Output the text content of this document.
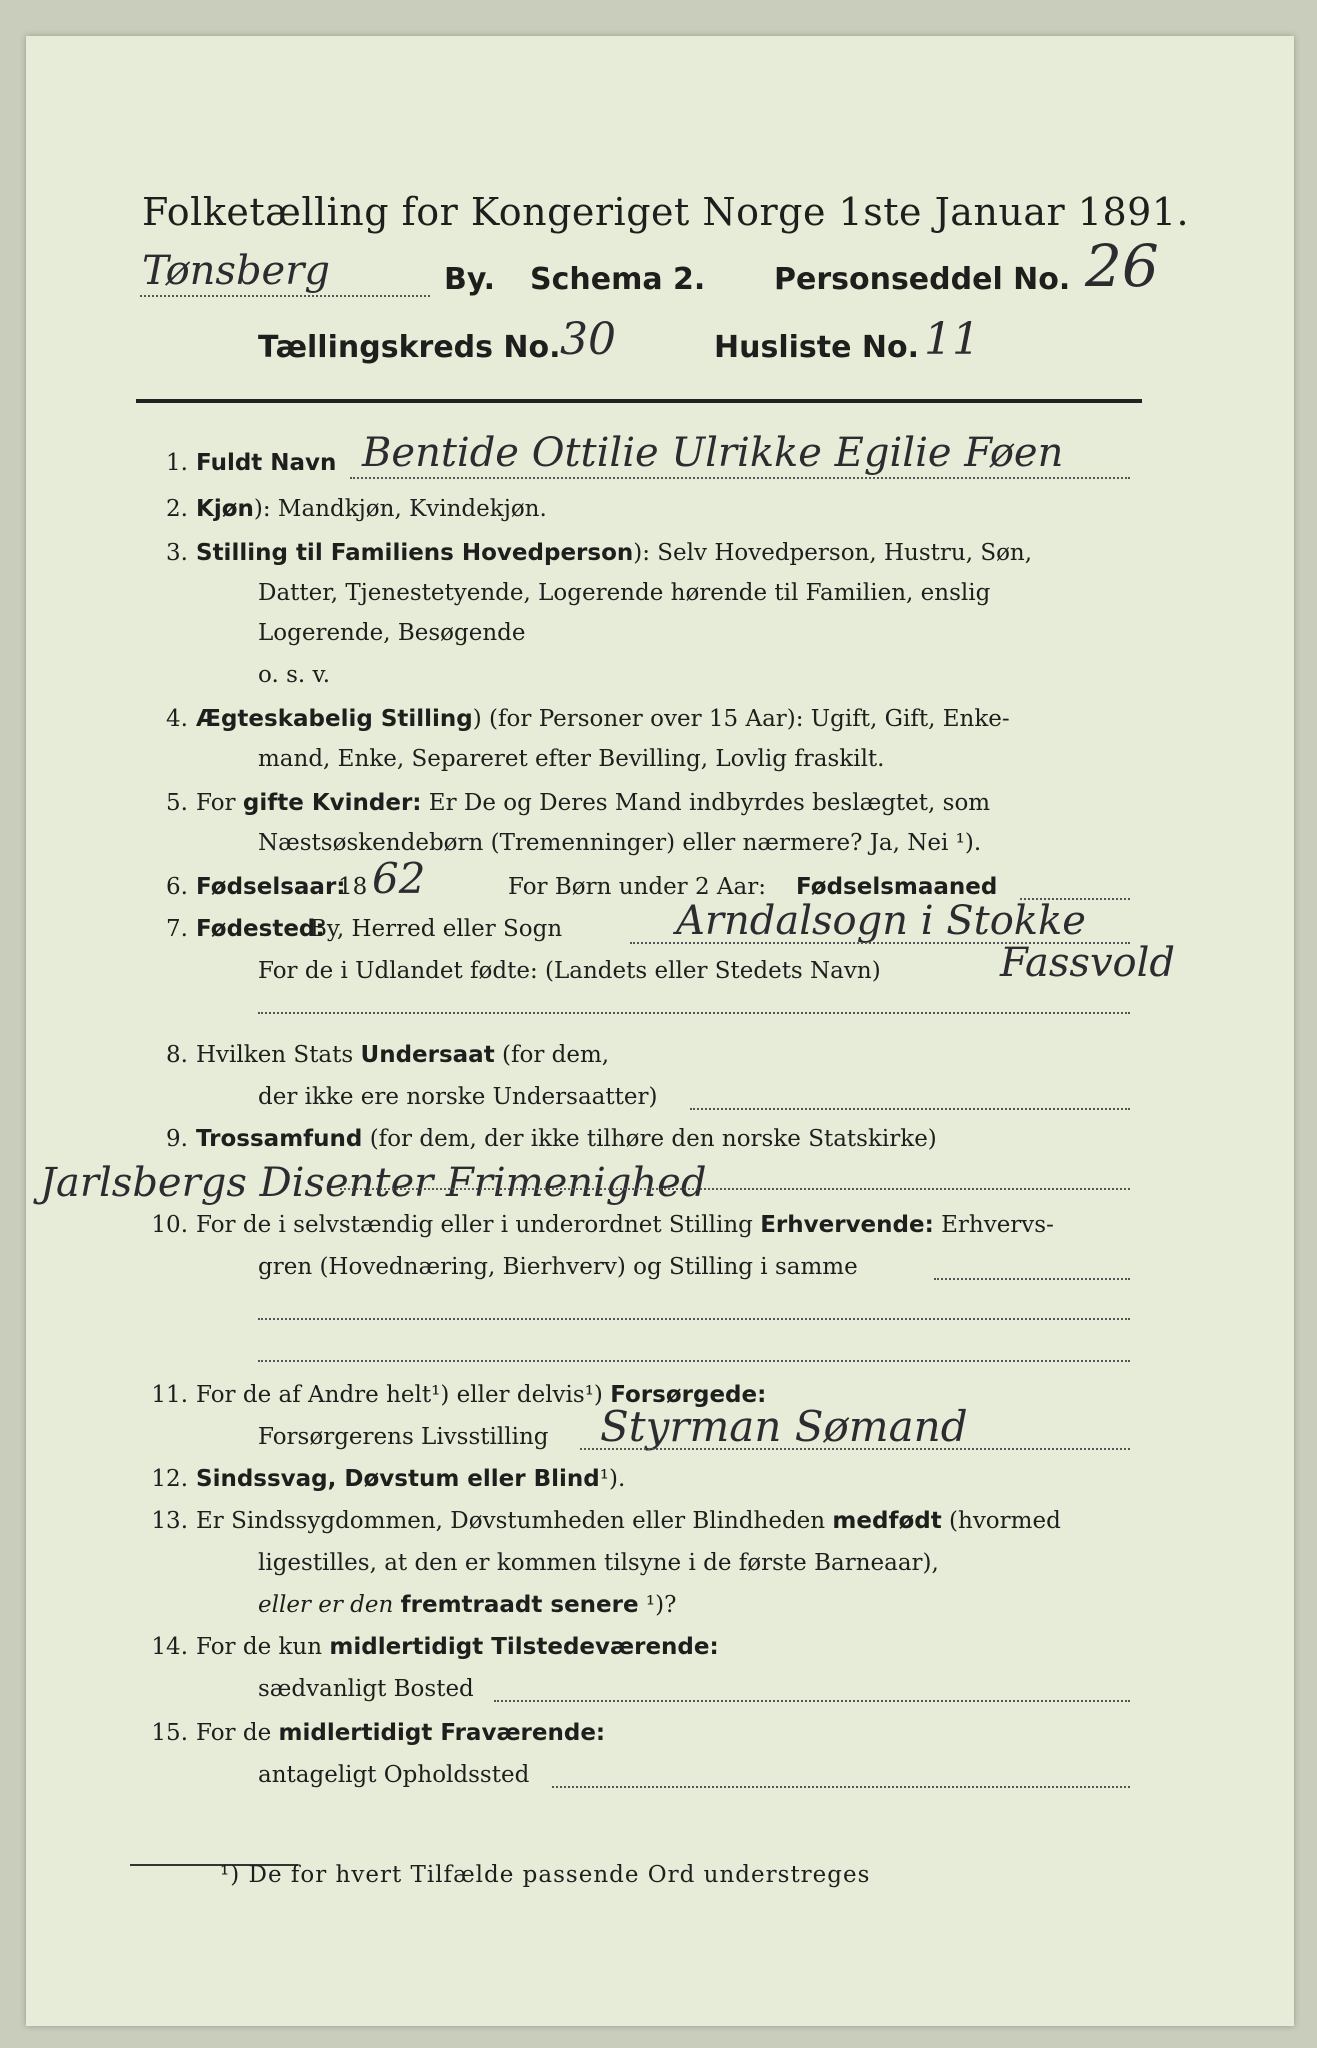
Folketælling for Kongeriget Norge 1ste Januar 1891.
Tønsberg	By. Schema 2. Personseddel No. 26
Tællingskreds No. 30	Husliste No. 11
1. Fuldt Navn Bentide Ottilie Ulrikke Egilie Føen
2. Kjøn): Mandkjøn, Kvindekjøn.
3. Stilling til Familiens Hovedperson): Selv Hovedperson, Hustru, Søn,
Datter, Tjenestetyende, Logerende hørende til Familien, enslig
Logerende, Besøgende
o. s. v.
4. Ægteskabelig Stilling) (for Personer over 15 Aar): Ugift, Gift, Enke-
mand, Enke, Separeret efter Bevilling, Lovlig fraskilt.
5. For gifte Kvinder: Er De og Deres Mand indbyrdes beslægtet, som
Næstsøskendebørn (Tremenninger) eller nærmere? Ja, Nei ¹).
6. Fødselsaar:
18 62	For Børn under 2 Aar: Fødselsmaaned
7. Fødested:
By, Herred eller Sogn	Arndalsogn i Stokke
For de i Udlandet fødte: (Landets eller Stedets Navn)	Fassvold
8. Hvilken Stats Undersaat (for dem,
der ikke ere norske Undersaatter)
9. Trossamfund (for dem, der ikke tilhøre den norske Statskirke)
Jarlsbergs Disenter Frimenighed
10. For de i selvstændig eller i underordnet Stilling Erhvervende: Erhvervs-
gren (Hovednæring, Bierhverv) og Stilling i samme
11. For de af Andre helt¹) eller delvis¹) Forsørgede:
Forsørgerens Livsstilling Styrman Sømand
12. Sindssvag, Døvstum eller Blind¹).
13. Er Sindssygdommen, Døvstumheden eller Blindheden medfødt (hvormed
ligestilles, at den er kommen tilsyne i de første Barneaar),
eller er den fremtraadt senere ¹)?
14. For de kun midlertidigt Tilstedeværende:
sædvanligt Bosted
15. For de midlertidigt Fraværende:
antageligt Opholdssted
¹) De for hvert Tilfælde passende Ord understreges
